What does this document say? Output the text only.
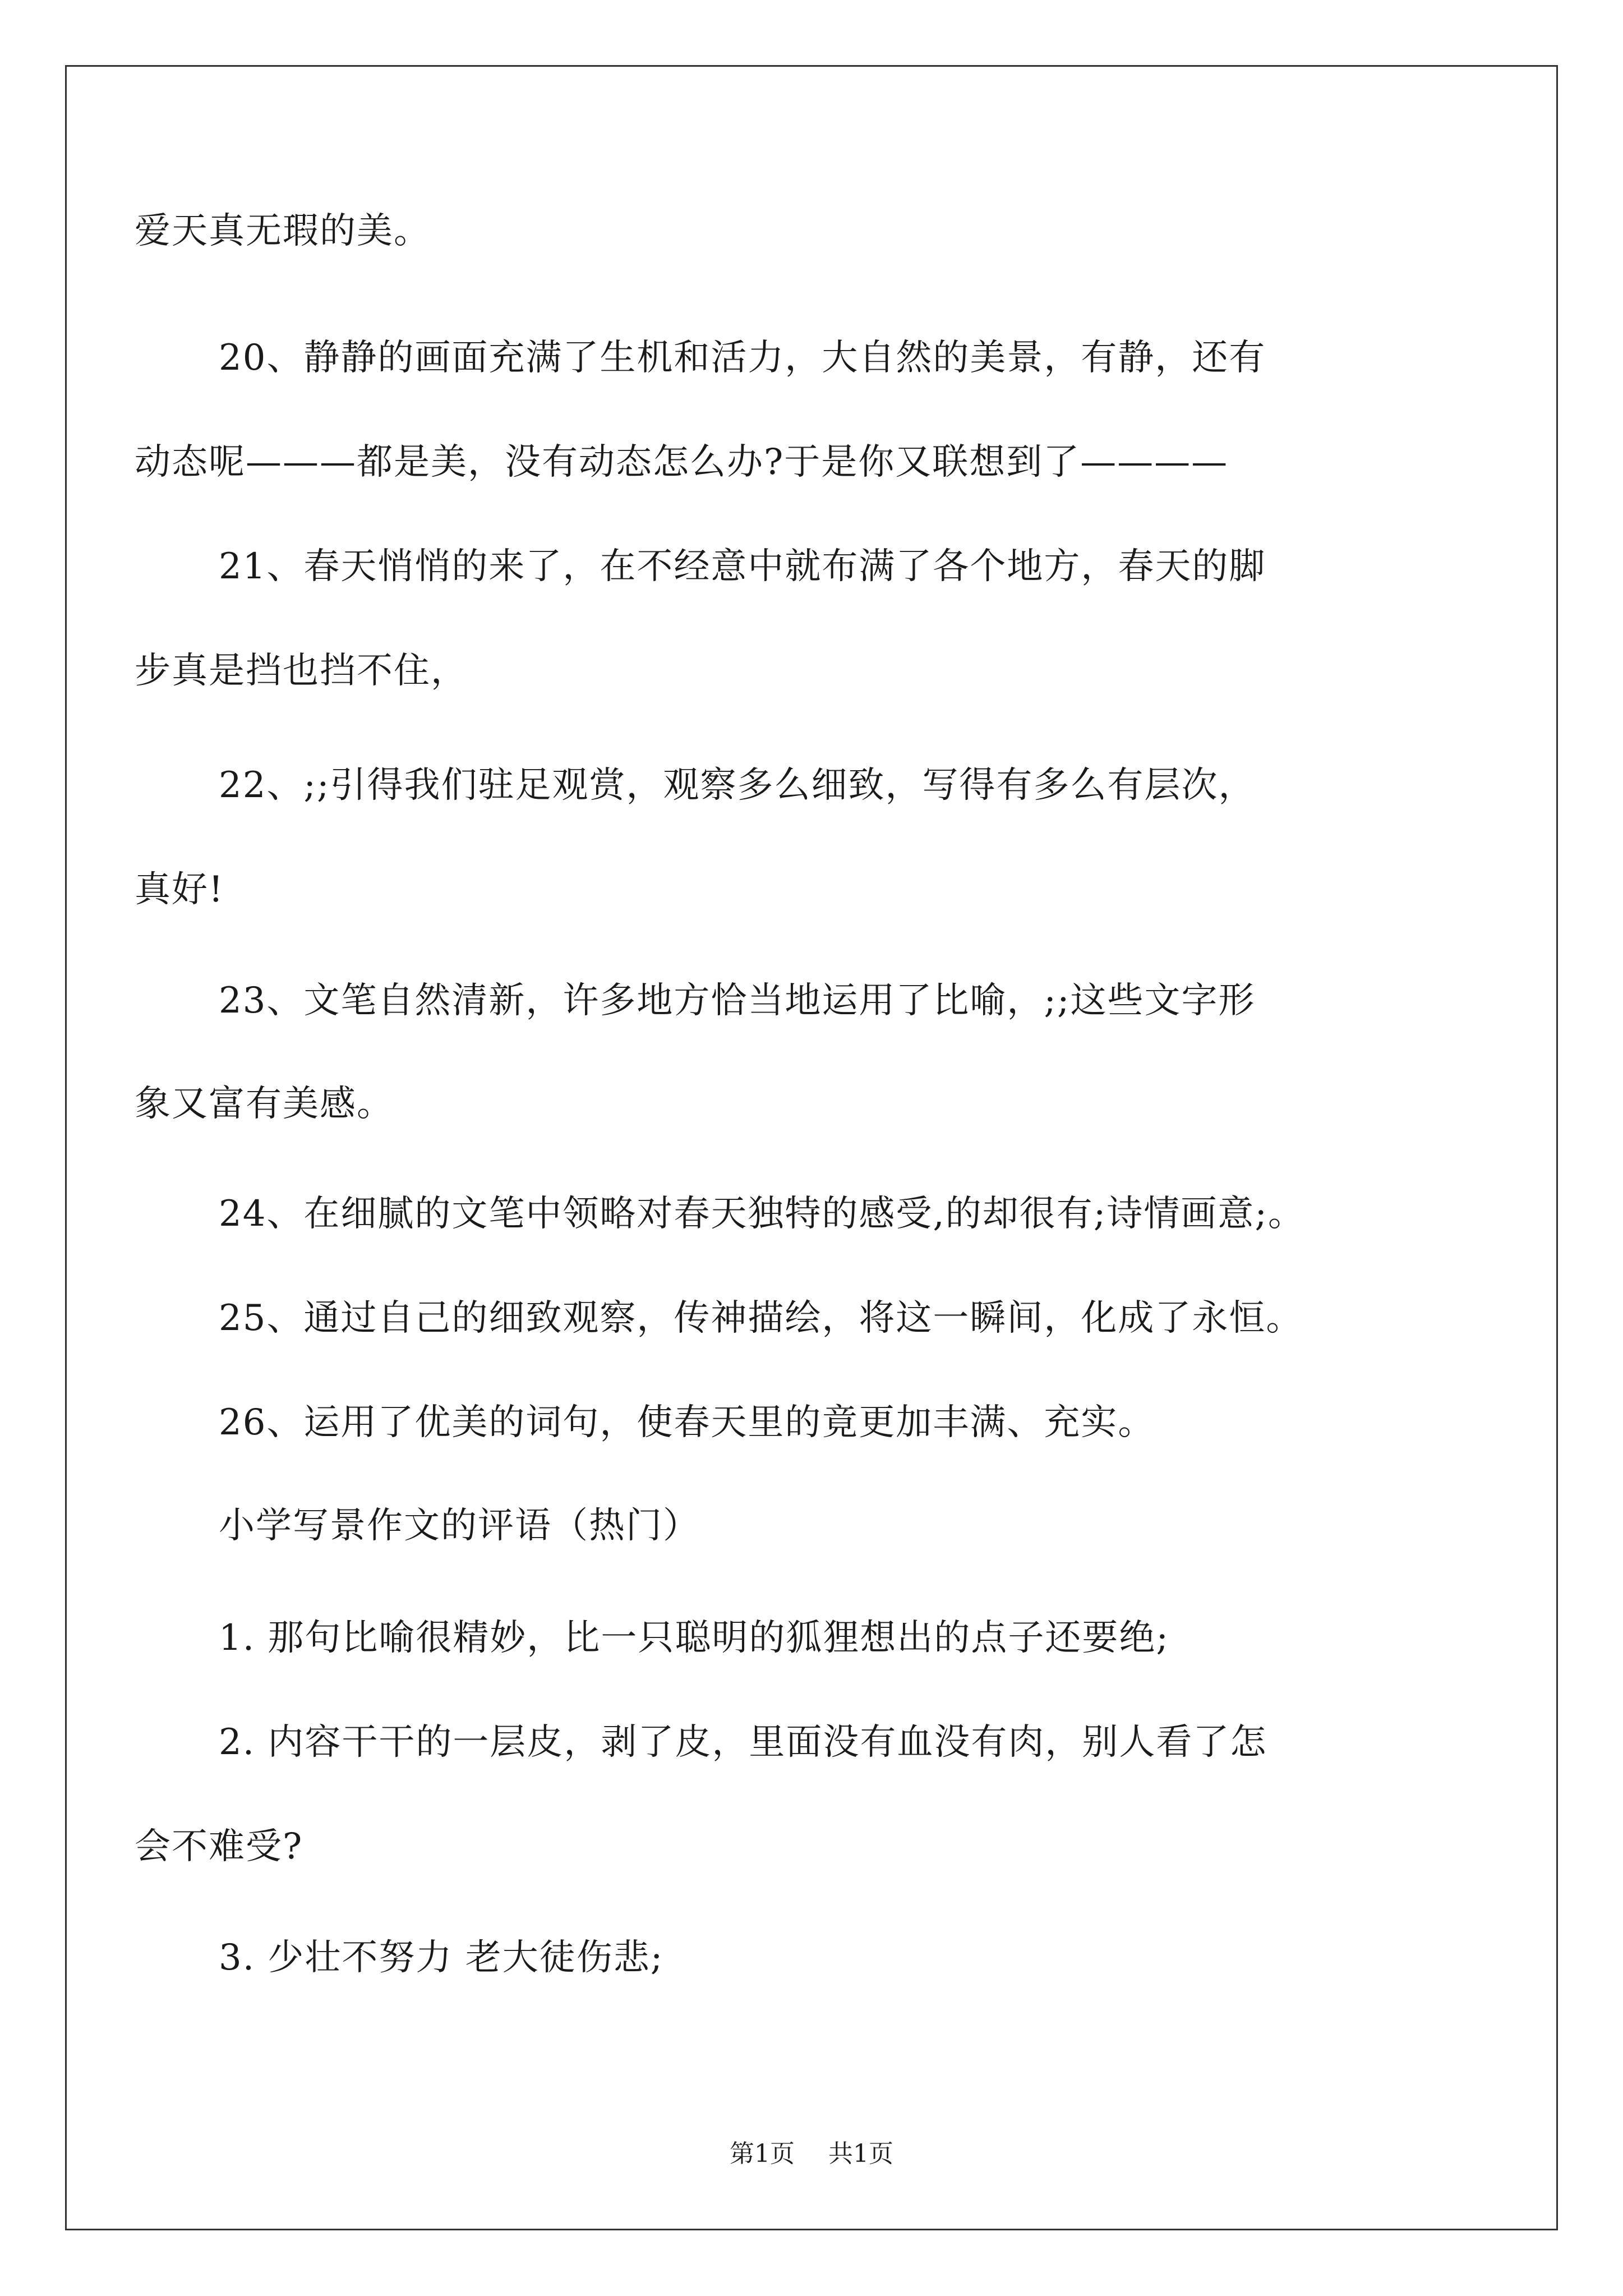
爱天真无瑕的美。
20、静静的画面充满了生机和活力，大自然的美景，有静，还有
动态呢———都是美，没有动态怎么办?于是你又联想到了————
21、春天悄悄的来了，在不经意中就布满了各个地方，春天的脚
步真是挡也挡不住，
22、;;引得我们驻足观赏，观察多么细致，写得有多么有层次，
真好!
23、文笔自然清新，许多地方恰当地运用了比喻，;;这些文字形
象又富有美感。
24、在细腻的文笔中领略对春天独特的感受,的却很有;诗情画意;。
25、通过自己的细致观察，传神描绘，将这一瞬间，化成了永恒。
26、运用了优美的词句，使春天里的竟更加丰满、充实。
小学写景作文的评语（热门）
1. 那句比喻很精妙，比一只聪明的狐狸想出的点子还要绝;
2. 内容干干的一层皮，剥了皮，里面没有血没有肉，别人看了怎
会不难受?
3. 少壮不努力 老大徒伤悲;
第1页 共1页
